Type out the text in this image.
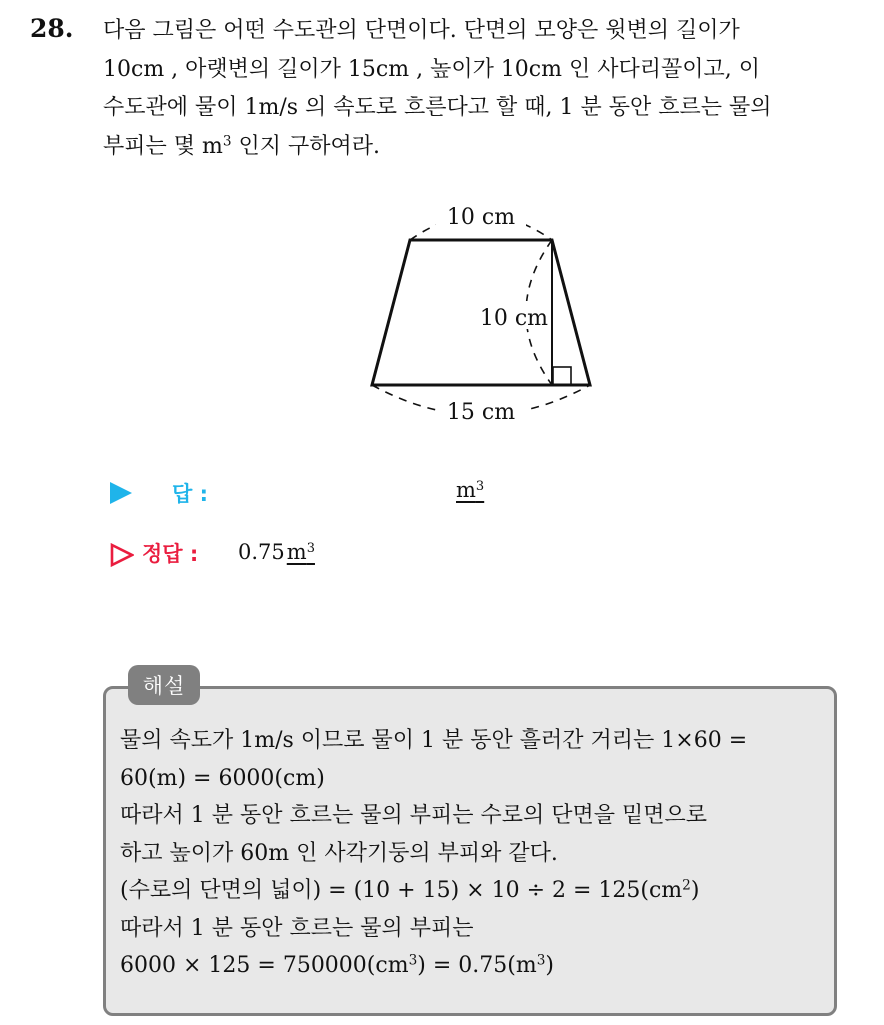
28. 다음 그림은 어떤 수도관의 단면이다. 단면의 모양은 윗변의 길이가

10cm , 아랫변의 길이가 15cm , 높이가 10cm 인 사다리꼴이고, 이

수도관에 물이 1m/s 의 속도로 흐른다고 할 때, 1 분 동안 흐르는 물의

부피는 몇 $m^3$ 인지 구하여라.

10 cm
10 cm
15 cm
답 :	$m^3$
정답 : $0.75m^3$
해설

물의 속도가 1m/s 이므로 물이 1 분 동안 흘러간 거리는 1×60 =

60(m) = 6000(cm)

따라서 1 분 동안 흐르는 물의 부피는 수로의 단면을 밑면으로

하고 높이가 60m 인 사각기둥의 부피와 같다.

(수로의 단면의 넓이) = $(10 + 15) \times 10 \div 2 = 125(cm^2)$

따라서 1 분 동안 흐르는 물의 부피는

$6000 \times 125 = 750000(cm^3) = 0.75(m^3)$
